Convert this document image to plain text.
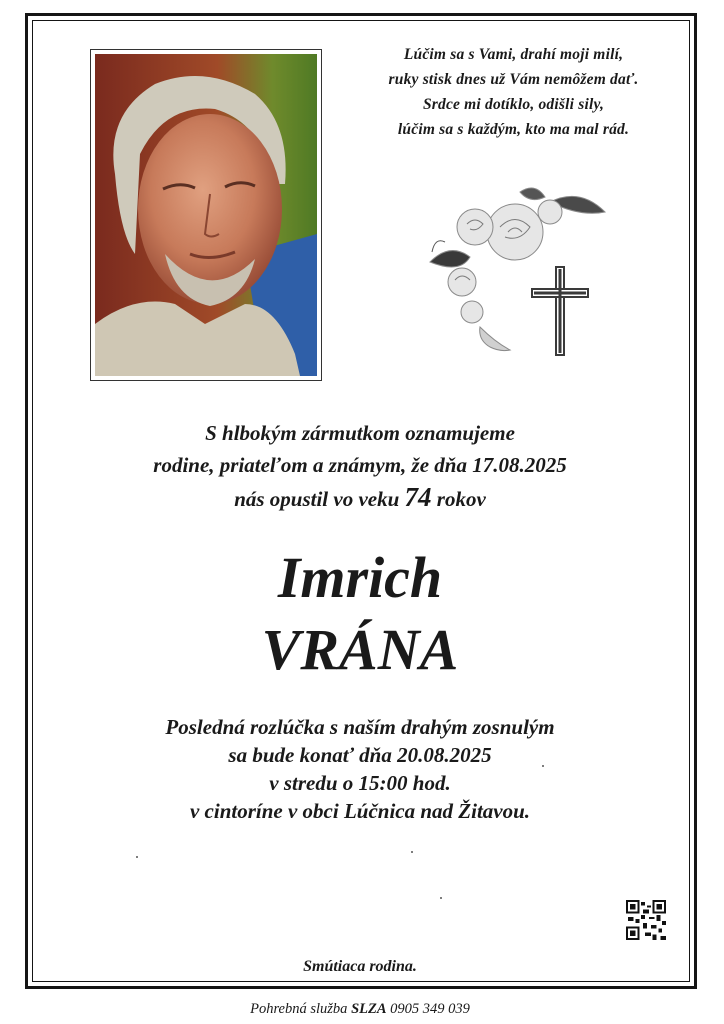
Lúčim sa s Vami, drahí moji milí,
ruky stisk dnes už Vám nemôžem dať.
Srdce mi dotíklo, odišli sily,
lúčim sa s každým, kto ma mal rád.
S hlbokým zármutkom oznamujeme
rodine, priateľom a známym, že dňa 17.08.2025
nás opustil vo veku 74 rokov
Imrich
VRÁNA
Posledná rozlúčka s naším drahým zosnulým
sa bude konať dňa 20.08.2025
v stredu o 15:00 hod.
v cintoríne v obci Lúčnica nad Žitavou.
Smútiaca rodina.
Pohrebná služba SLZA 0905 349 039
